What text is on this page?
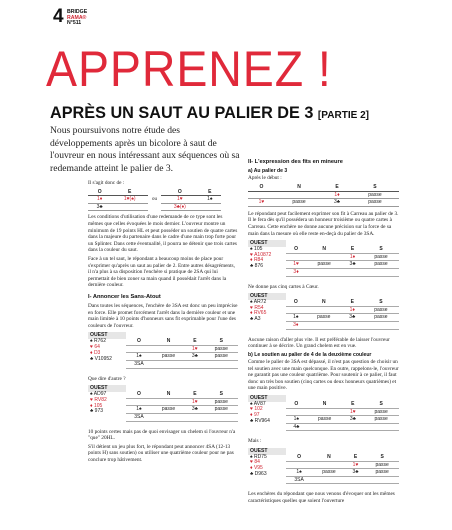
4 BRIDGE
RAMA®
N°511
APPRENEZ !
APRÈS UN SAUT AU PALIER DE 3 [PARTIE 2]
Nous poursuivons notre étude des développements après un bicolore à saut de l'ouvreur en nous intéressant aux séquences où sa redemande atteint le palier de 3.

Il s'agit donc de :

O	E
1♦	1♥(♠)
3♣	
ou
O	E
1♥	1♠
3♣(♦)	

Les conditions d'utilisation d'une redemande de ce type sont les mêmes que celles évoquées le mois dernier. L'ouvreur montre un minimum de 19 points HL et peut posséder un soutien de quatre cartes dans la majeure du partenaire dans le cadre d'une main trop forte pour un Splinter. Dans cette éventualité, il pourra ne détenir que trois cartes dans la couleur du saut.

Face à un tel saut, le répondant a beaucoup moins de place pour s'exprimer qu'après un saut au palier de 2. Entre autres désagréments, il n'a plus à sa disposition l'enchère si pratique de 2SA qui lui permettait de bien zoner sa main quand il possédait l'arrêt dans la dernière couleur.

I- Annoncer les Sans-Atout

Dans toutes les séquences, l'enchère de 3SA est donc un peu imprécise en force. Elle promet forcément l'arrêt dans la dernière couleur et une main limitée à 10 points d'honneurs sans fit exprimable pour l'une des couleurs de l'ouvreur.

OUEST
♠ R762
♥ 64
♦ D3
♣ V10952
O	N	E	S
		1♥	passe
1♠	passe	3♣	passe
3SA			

Que dire d'autre ?

OUEST
♠ AD97
♥ RV82
♦ 105
♣ 973
O	N	E	S
		1♥	passe
1♠	passe	3♣	passe
3SA			

10 points certes mais pas de quoi envisager un chelem si l'ouvreur n'a "que" 20HL.

S'il détient un jeu plus fort, le répondant peut annoncer 4SA (12-13 points H) sans soutien) ou utiliser une quatrième couleur pour ne pas conclure trop hâtivement.

II- L'expression des fits en mineure
a) Au palier de 3

Après le début :

O	N	E	S
		1♦	passe
1♥	passe	3♣	passe

Le répondant peut facilement exprimer son fit à Carreau au palier de 3. Il le fera dès qu'il possédera un honneur troisième ou quatre cartes à Carreau. Cette enchère ne donne aucune précision sur la force de sa main dans la mesure où elle reste en-deçà du palier de 3SA.

OUEST
♠ 105
♥ A10872
♦ R84
♣ 876
O	N	E	S
		1♦	passe
1♥	passe	3♣	passe
3♦			

Ne donne pas cinq cartes à Cœur.

OUEST
♠ AR72
♥ R54
♦ RV65
♣ A3
O	N	E	S
		1♦	passe
1♠	passe	3♣	passe
3♦			

Aucune raison d'aller plus vite. Il est préférable de laisser l'ouvreur continuer à se décrire. Un grand chelem est en vue.

b) Le soutien au palier de 4 de la deuxième couleur

Comme le palier de 3SA est dépassé, il n'est pas question de choisir un tel soutien avec une main quelconque. En outre, rappelons-le, l'ouvreur ne garantit pas une couleur quatrième. Pour soutenir à ce palier, il faut donc un très bon soutien (cinq cartes ou deux honneurs quatrièmes) et une main positive.

OUEST
♠ AV87
♥ 102
♦ 97
♣ RV964
O	N	E	S
		1♥	passe
1♠	passe	3♣	passe
4♣			

Mais :

OUEST
♠ RD75
♥ 84
♦ V95
♣ D963
O	N	E	S
		1♥	passe
1♠	passe	3♣	passe
3SA			

Les enchères du répondant que nous venons d'évoquer ont les mêmes caractéristiques quelles que soient l'ouverture
